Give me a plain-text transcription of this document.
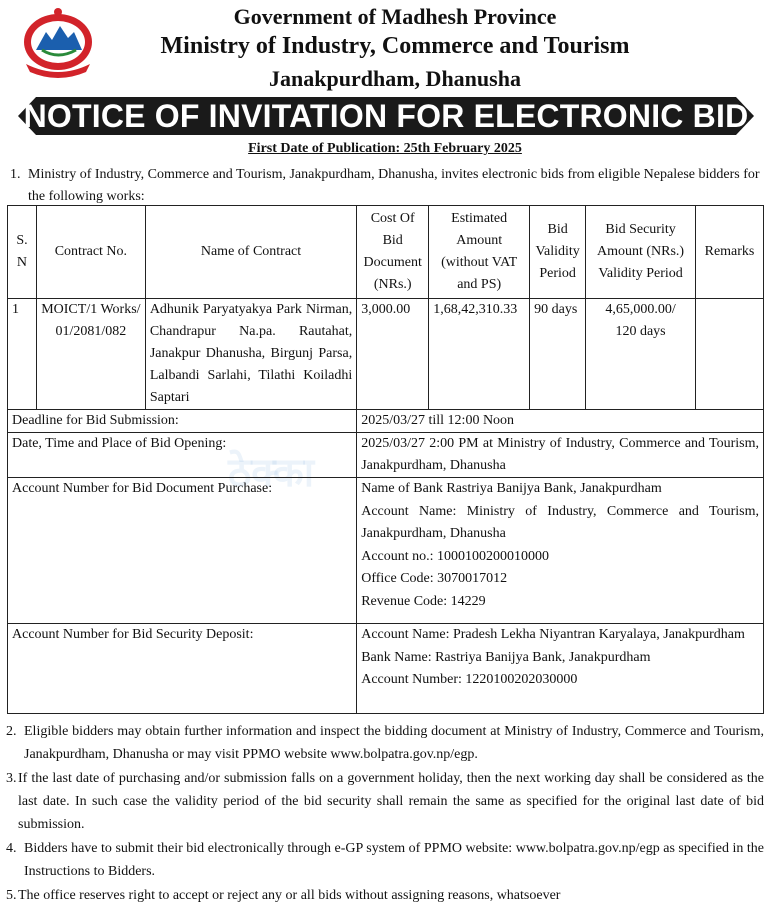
Government of Madhesh Province
Ministry of Industry, Commerce and Tourism
Janakpurdham, Dhanusha
NOTICE OF INVITATION FOR ELECTRONIC BID
First Date of Publication: 25th February 2025
1. Ministry of Industry, Commerce and Tourism, Janakpurdham, Dhanusha, invites electronic bids from eligible Nepalese bidders for the following works:
ठेक्का
S. N	Contract No.	Name of Contract	Cost Of Bid Document (NRs.)	Estimated Amount (without VAT and PS)	Bid Validity Period	Bid Security Amount (NRs.) Validity Period	Remarks
1	MOICT/1 Works/ 01/2081/082	Adhunik Paryatyakya Park Nirman, Chandrapur Na.pa. Rautahat, Janakpur Dhanusha, Birgunj Parsa, Lalbandi Sarlahi, Tilathi Koiladhi Saptari	3,000.00	1,68,42,310.33	90 days	4,65,000.00/
120 days	

Deadline for Bid Submission:			2025/03/27 till 12:00 Noon				
Date, Time and Place of Bid Opening:			2025/03/27 2:00 PM at Ministry of Industry, Commerce and Tourism, Janakpurdham, Dhanusha				
Account Number for Bid Document Purchase:			Name of Bank Rastriya Banijya Bank, Janakpurdham
Account Name: Ministry of Industry, Commerce and Tourism, Janakpurdham, Dhanusha
Account no.: 1000100200010000
Office Code: 3070017012
Revenue Code: 14229				

Account Number for Bid Security Deposit:			Account Name: Pradesh Lekha Niyantran Karyalaya, Janakpurdham
Bank Name: Rastriya Banijya Bank, Janakpurdham
Account Number: 1220100202030000				
2. Eligible bidders may obtain further information and inspect the bidding document at Ministry of Industry, Commerce and Tourism, Janakpurdham, Dhanusha or may visit PPMO website www.bolpatra.gov.np/egp.
3. If the last date of purchasing and/or submission falls on a government holiday, then the next working day shall be considered as the last date. In such case the validity period of the bid security shall remain the same as specified for the original last date of bid submission.
4. Bidders have to submit their bid electronically through e-GP system of PPMO website: www.bolpatra.gov.np/egp as specified in the Instructions to Bidders.
5. The office reserves right to accept or reject any or all bids without assigning reasons, whatsoever
